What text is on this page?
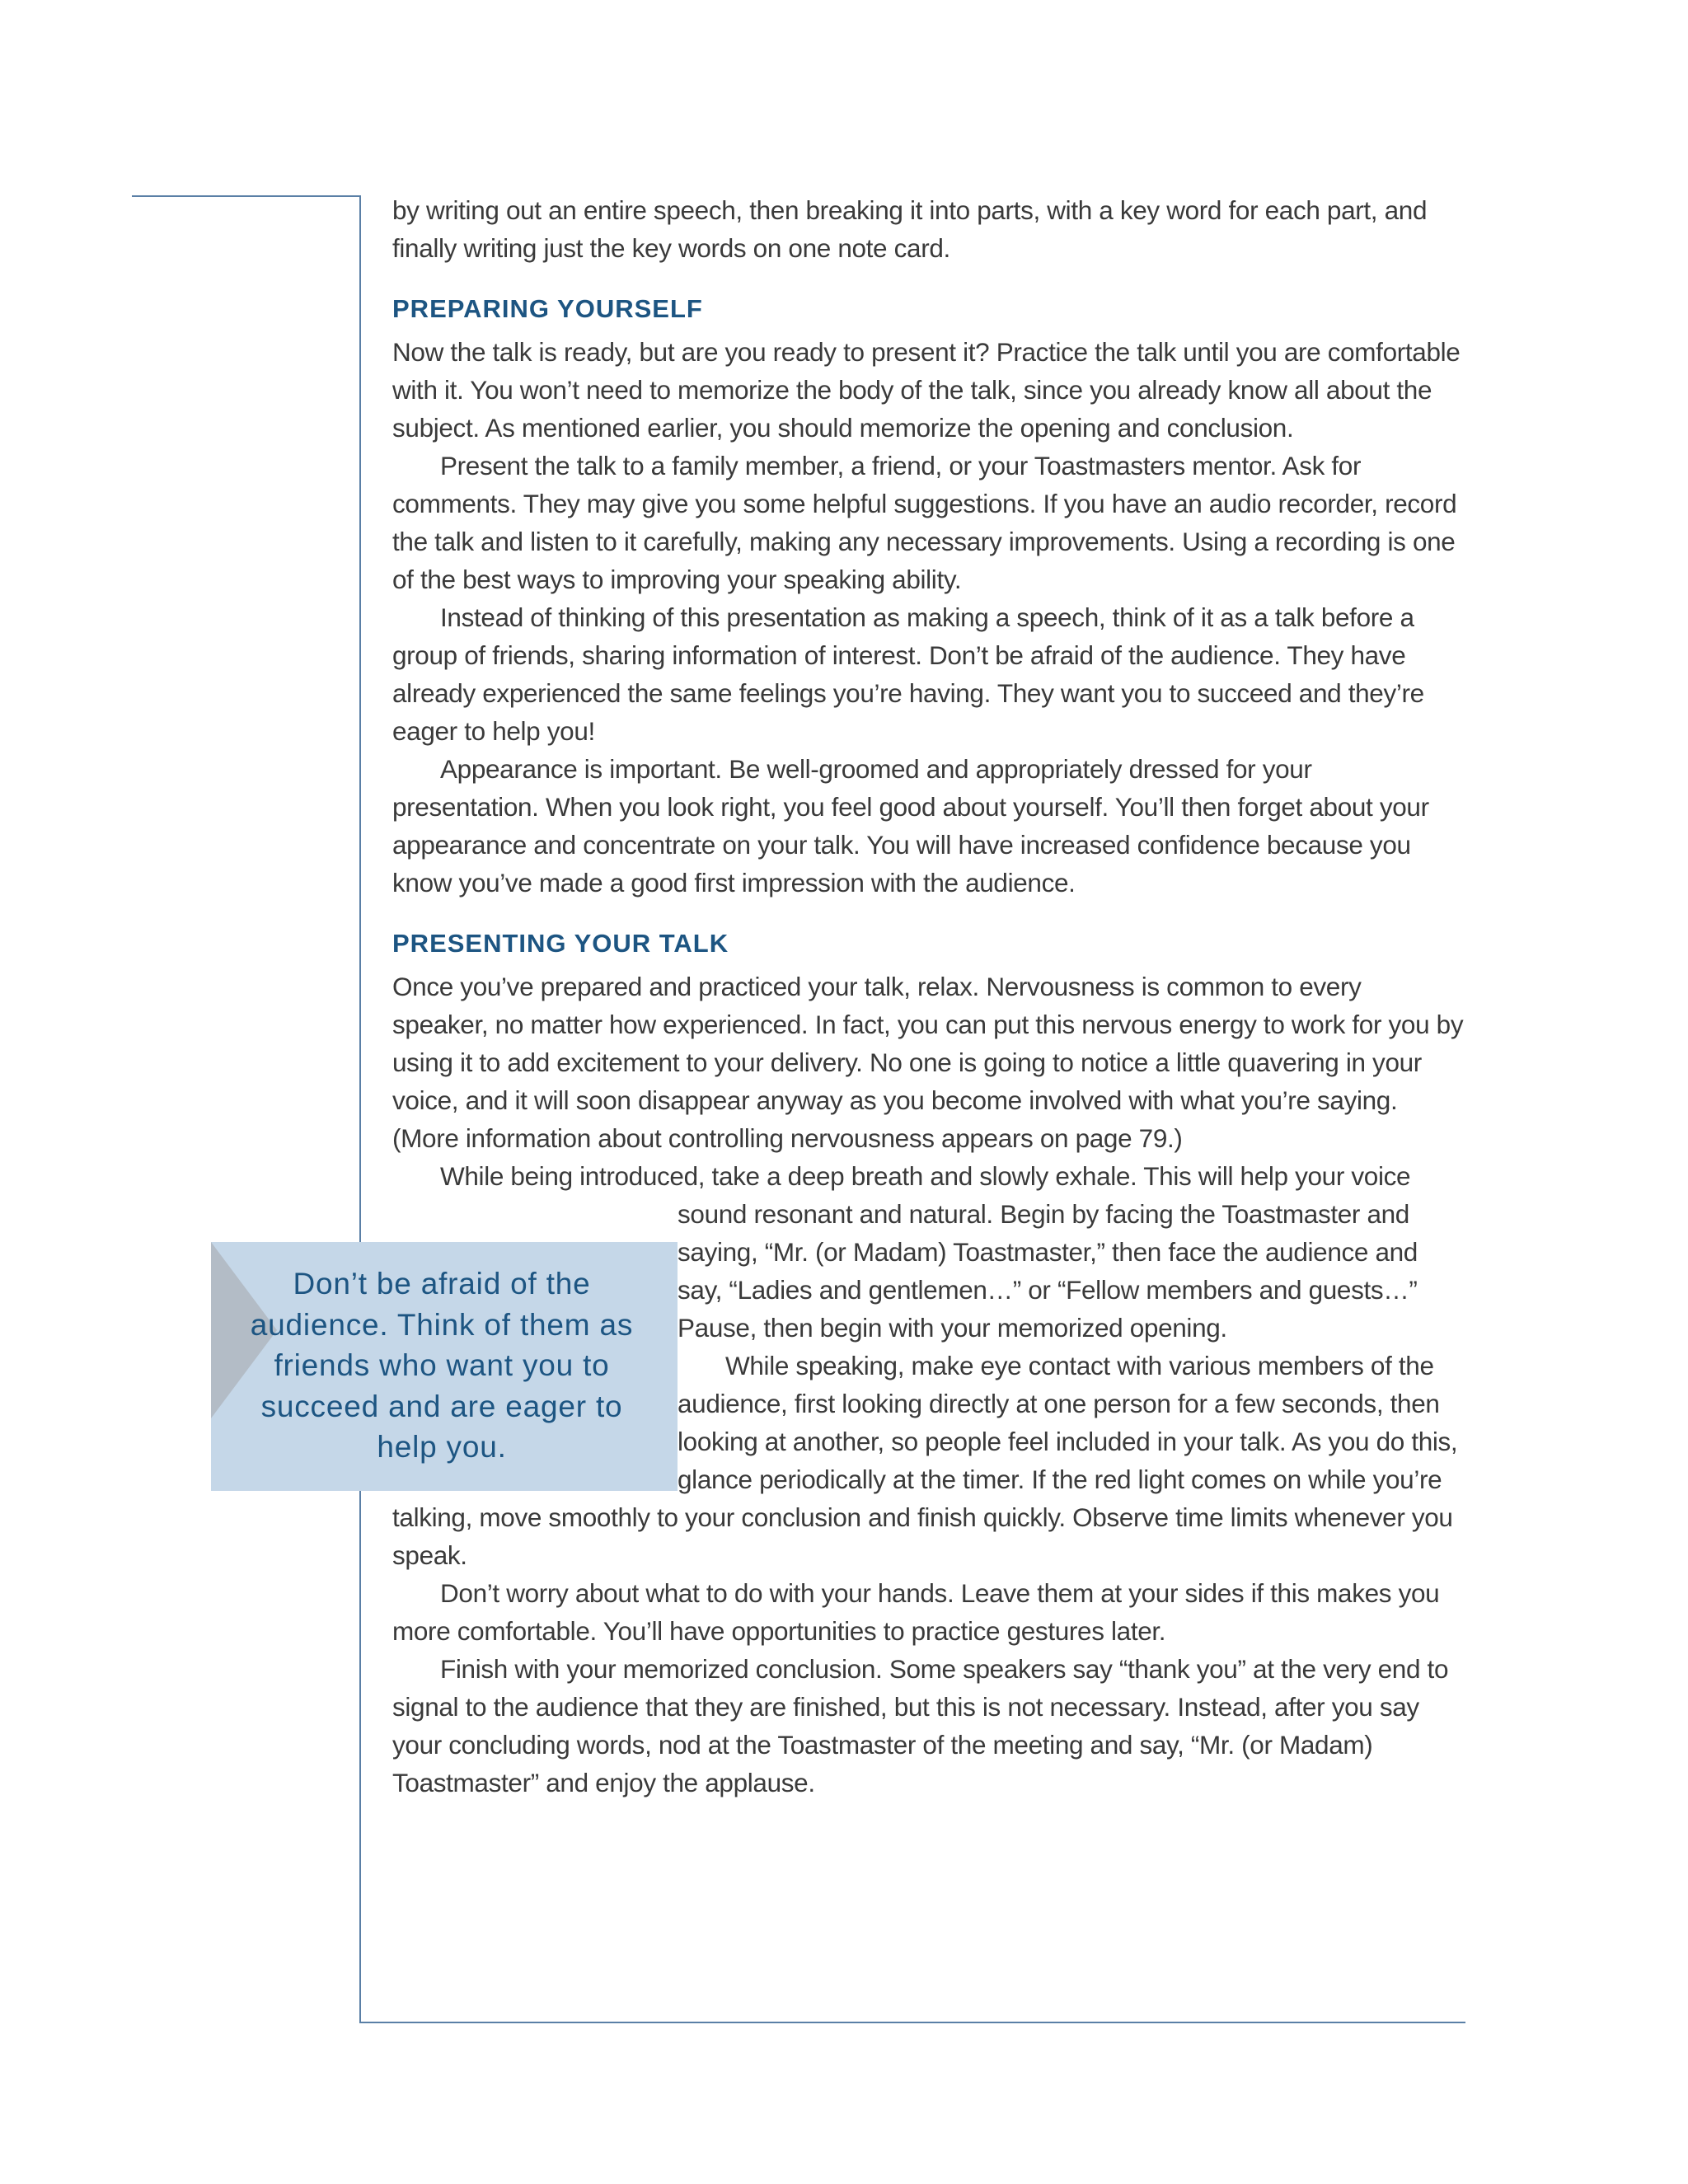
by writing out an entire speech, then breaking it into parts, with a key word for each part, and finally writing just the key words on one note card.

PREPARING YOURSELF

Now the talk is ready, but are you ready to present it? Practice the talk until you are comfortable with it. You won’t need to memorize the body of the talk, since you already know all about the subject. As mentioned earlier, you should memorize the opening and conclusion.

Present the talk to a family member, a friend, or your Toastmasters mentor. Ask for comments. They may give you some helpful suggestions. If you have an audio recorder, record the talk and listen to it carefully, making any necessary improvements. Using a recording is one of the best ways to improving your speaking ability.

Instead of thinking of this presentation as making a speech, think of it as a talk before a group of friends, sharing information of interest. Don’t be afraid of the audience. They have already experienced the same feelings you’re having. They want you to succeed and they’re eager to help you!

Appearance is important. Be well-groomed and appropriately dressed for your presentation. When you look right, you feel good about yourself. You’ll then forget about your appearance and concentrate on your talk. You will have increased confidence because you know you’ve made a good first impression with the audience.

PRESENTING YOUR TALK

Once you’ve prepared and practiced your talk, relax. Nervousness is common to every speaker, no matter how experienced. In fact, you can put this nervous energy to work for you by using it to add excitement to your delivery. No one is going to notice a little quavering in your voice, and it will soon disappear anyway as you become involved with what you’re saying. (More information about controlling nervousness appears on page 79.)

While being introduced, take a deep breath and slowly exhale. This will help your voice

sound resonant and natural. Begin by facing the Toastmaster and saying, “Mr. (or Madam) Toastmaster,” then face the audience and say, “Ladies and gentlemen…” or “Fellow members and guests…” Pause, then begin with your memorized opening.

While speaking, make eye contact with various members of the audience, first looking directly at one person for a few seconds, then looking at another, so people feel included in your talk. As you do this, glance periodically at the timer. If the red light comes on while you’re talking, move smoothly to your conclusion and finish quickly. Observe time limits whenever you speak.

Don’t worry about what to do with your hands. Leave them at your sides if this makes you more comfortable. You’ll have opportunities to practice gestures later.

Finish with your memorized conclusion. Some speakers say “thank you” at the very end to signal to the audience that they are finished, but this is not necessary. Instead, after you say your concluding words, nod at the Toastmaster of the meeting and say, “Mr. (or Madam) Toastmaster” and enjoy the applause.

Don’t be afraid of the audience. Think of them as friends who want you to succeed and are eager to help you.
